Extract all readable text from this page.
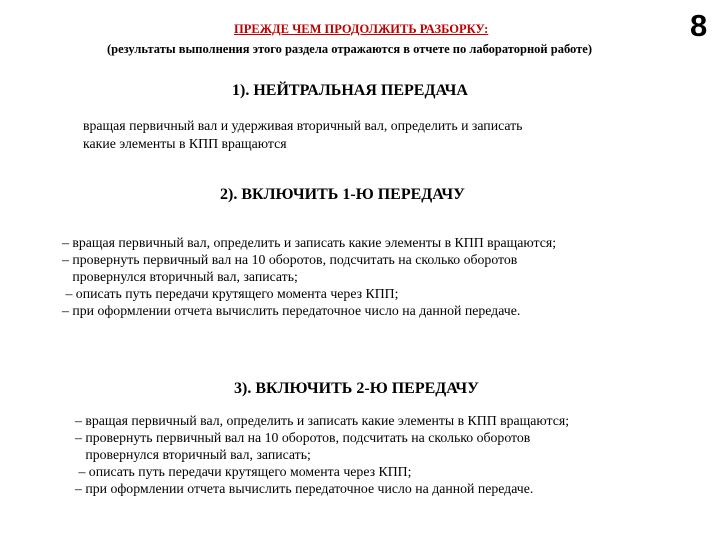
ПРЕЖДЕ ЧЕМ ПРОДОЛЖИТЬ РАЗБОРКУ:
(результаты выполнения этого раздела отражаются в отчете по лабораторной работе)
8
1). НЕЙТРАЛЬНАЯ ПЕРЕДАЧА
вращая первичный вал и удерживая вторичный вал, определить и записать
какие элементы в КПП вращаются
2). ВКЛЮЧИТЬ 1-Ю ПЕРЕДАЧУ
– вращая первичный вал, определить и записать какие элементы в КПП вращаются;
– провернуть первичный вал на 10 оборотов, подсчитать на сколько оборотов
провернулся вторичный вал, записать;
– описать путь передачи крутящего момента через КПП;
– при оформлении отчета вычислить передаточное число на данной передаче.
3). ВКЛЮЧИТЬ 2-Ю ПЕРЕДАЧУ
– вращая первичный вал, определить и записать какие элементы в КПП вращаются;
– провернуть первичный вал на 10 оборотов, подсчитать на сколько оборотов
провернулся вторичный вал, записать;
– описать путь передачи крутящего момента через КПП;
– при оформлении отчета вычислить передаточное число на данной передаче.
